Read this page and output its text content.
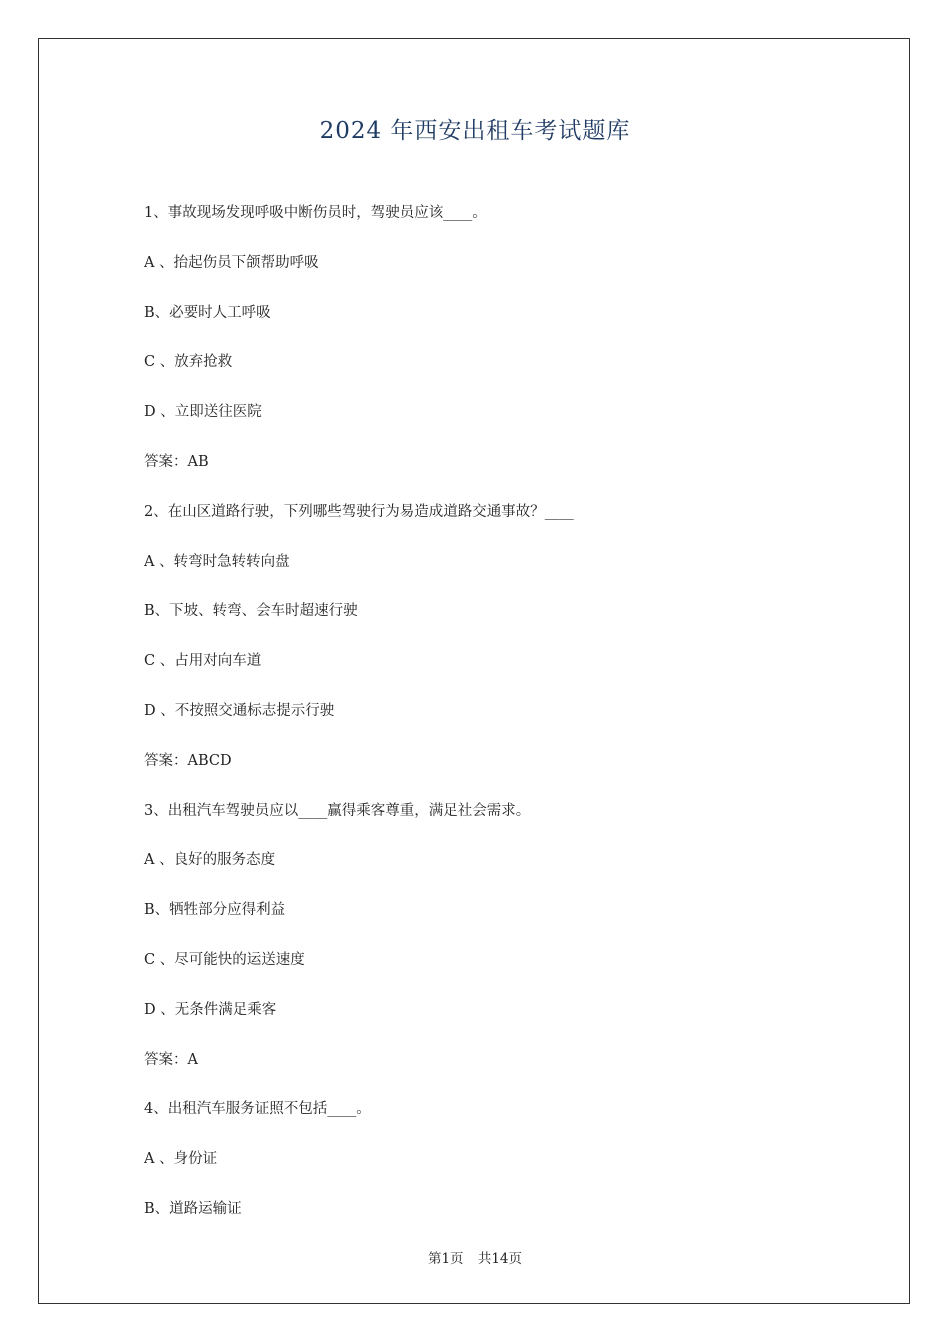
2024 年西安出租车考试题库
1、事故现场发现呼吸中断伤员时，驾驶员应该____。
A 、抬起伤员下颌帮助呼吸
B、必要时人工呼吸
C 、放弃抢救
D 、立即送往医院
答案：AB
2、在山区道路行驶，下列哪些驾驶行为易造成道路交通事故？____
A 、转弯时急转转向盘
B、下坡、转弯、会车时超速行驶
C 、占用对向车道
D 、不按照交通标志提示行驶
答案：ABCD
3、出租汽车驾驶员应以____赢得乘客尊重，满足社会需求。
A 、良好的服务态度
B、牺牲部分应得利益
C 、尽可能快的运送速度
D 、无条件满足乘客
答案：A
4、出租汽车服务证照不包括____。
A 、身份证
B、道路运输证
第1页 共14页
